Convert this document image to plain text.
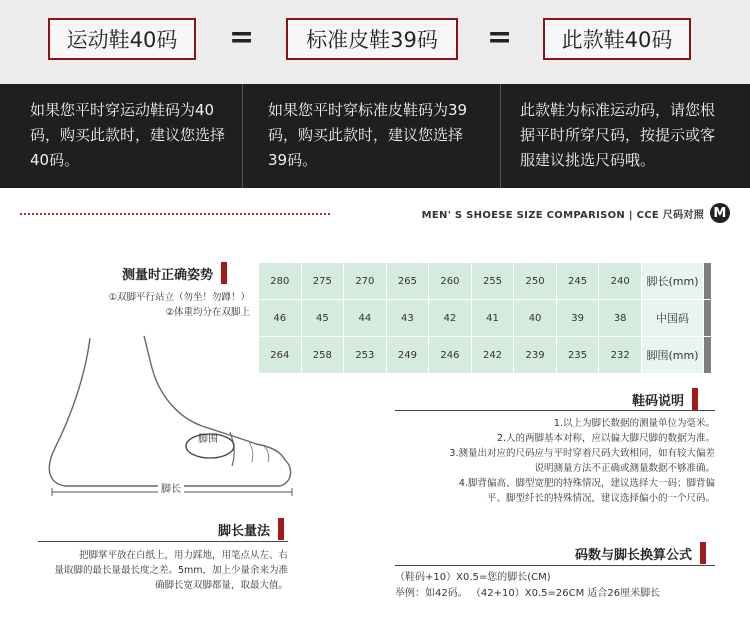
运动鞋40码 = 标准皮鞋39码 = 此款鞋40码
如果您平时穿运动鞋码为40码，购买此款时，建议您选择40码。
如果您平时穿标准皮鞋码为39码，购买此款时，建议您选择39码。
此款鞋为标准运动码，请您根据平时所穿尺码，按提示或客服建议挑选尺码哦。
MEN' S SHOESE SIZE COMPARISON | CCE 尺码对照 M
280	275	270	265	260	255	250	245	240	脚长(mm)	
46	45	44	43	42	41	40	39	38	中国码	
264	258	253	249	246	242	239	235	232	脚围(mm)	
测量时正确姿势
①双脚平行站立（勿坐！勿蹲！）
②体重均分在双脚上
脚围
脚长
鞋码说明
1.以上为脚长数据的测量单位为毫米。
2.人的两脚基本对称，应以偏大脚尺脚的数据为准。
3.测量出对应的尺码应与平时穿着尺码大致相同，如有较大偏差
说明测量方法不正确或测量数据不够准确。
4.脚背偏高、脚型宽肥的特殊情况，建议选择大一码；脚背偏
平、脚型纤长的特殊情况，建议选择偏小的一个尺码。
脚长量法
把脚掌平放在白纸上，用力踩地，用笔点从左、右
量取脚的最长量最长度之差。5mm，加上少量余来为准
确脚长宽双脚都量，取最大值。
码数与脚长换算公式
（鞋码+10）X0.5=您的脚长(CM)
举例：如42码。 （42+10）X0.5=26CM 适合26厘米脚长
